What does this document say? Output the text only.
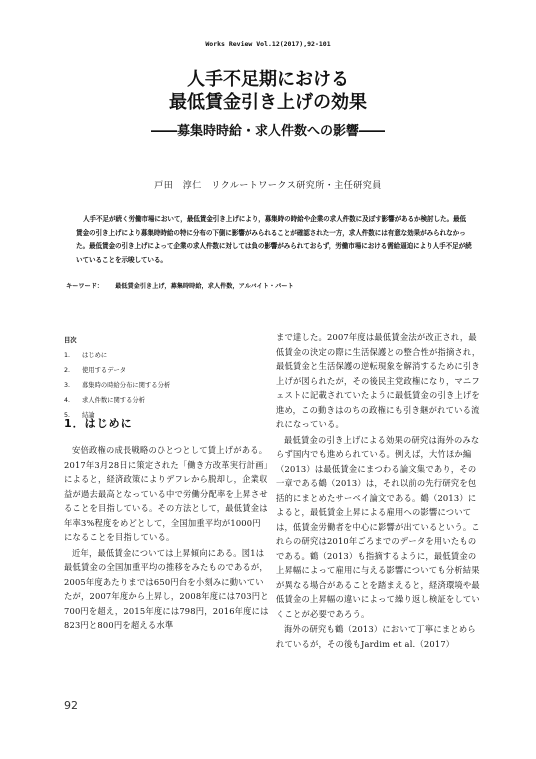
Works Review Vol.12(2017),92-101
人手不足期における
最低賃金引き上げの効果
――募集時時給・求人件数への影響――
戸田　淳仁　リクルートワークス研究所・主任研究員

人手不足が続く労働市場において，最低賃金引き上げにより，募集時の時給や企業の求人件数に及ぼす影響があるか検討した。最低賃金の引き上げにより募集時時給の特に分布の下側に影響がみられることが確認された一方，求人件数には有意な効果がみられなかった。最低賃金の引き上げによって企業の求人件数に対しては負の影響がみられておらず，労働市場における需給逼迫により人手不足が続いていることを示唆している。

キーワード： 最低賃金引き上げ，募集時時給，求人件数，アルバイト・パート
目次
1. はじめに
2. 使用するデータ
3. 募集時の時給分布に関する分析
4. 求人件数に関する分析
5. 結論
1．はじめに

安倍政権の成長戦略のひとつとして賃上げがある。2017年3月28日に策定された「働き方改革実行計画」によると，経済政策によりデフレから脱却し，企業収益が過去最高となっている中で労働分配率を上昇させることを目指している。その方法として，最低賃金は年率3%程度をめどとして，全国加重平均が1000円になることを目指している。

近年，最低賃金については上昇傾向にある。図1は最低賃金の全国加重平均の推移をみたものであるが，2005年度あたりまでは650円台を小刻みに動いていたが，2007年度から上昇し，2008年度には703円と700円を超え，2015年度には798円，2016年度には823円と800円を超える水準

まで達した。2007年度は最低賃金法が改正され，最低賃金の決定の際に生活保護との整合性が指摘され，最低賃金と生活保護の逆転現象を解消するために引き上げが図られたが，その後民主党政権になり，マニフェストに記載されていたように最低賃金の引き上げを進め，この動きはのちの政権にも引き継がれている流れになっている。

最低賃金の引き上げによる効果の研究は海外のみならず国内でも進められている。例えば，大竹ほか編（2013）は最低賃金にまつわる論文集であり，その一章である鶴（2013）は，それ以前の先行研究を包括的にまとめたサーベイ論文である。鶴（2013）によると，最低賃金上昇による雇用への影響については，低賃金労働者を中心に影響が出ているという。これらの研究は2010年ごろまでのデータを用いたものである。鶴（2013）も指摘するように，最低賃金の上昇幅によって雇用に与える影響についても分析結果が異なる場合があることを踏まえると，経済環境や最低賃金の上昇幅の違いによって繰り返し検証をしていくことが必要であろう。

海外の研究も鶴（2013）において丁寧にまとめられているが，その後もJardim et al.（2017）

92
